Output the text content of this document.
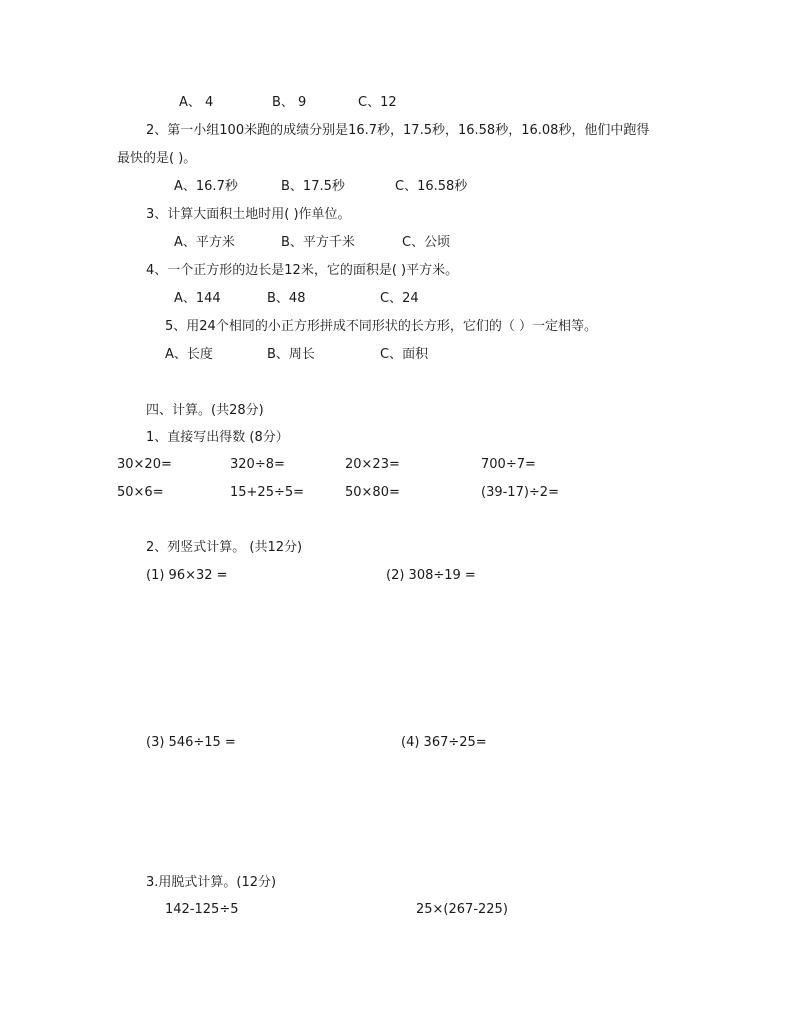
A、 4	B、 9	C、12
2、第一小组100米跑的成绩分别是16.7秒，17.5秒，16.58秒，16.08秒，他们中跑得
最快的是( )。
A、16.7秒	B、17.5秒	C、16.58秒
3、计算大面积土地时用( )作单位。
A、平方米	B、平方千米	C、公顷
4、一个正方形的边长是12米，它的面积是( )平方米。
A、144	B、48	C、24
5、用24个相同的小正方形拼成不同形状的长方形，它们的（ ）一定相等。
A、长度	B、周长	C、面积
四、计算。(共28分)
1、直接写出得数 (8分）
30×20=	320÷8=	20×23=	700÷7=
50×6=	15+25÷5=	50×80=	(39-17)÷2=
2、列竖式计算。 (共12分)
(1) 96×32 =	(2) 308÷19 =
(3) 546÷15 =	(4) 367÷25=
3.用脱式计算。(12分)
142-125÷5	25×(267-225)
